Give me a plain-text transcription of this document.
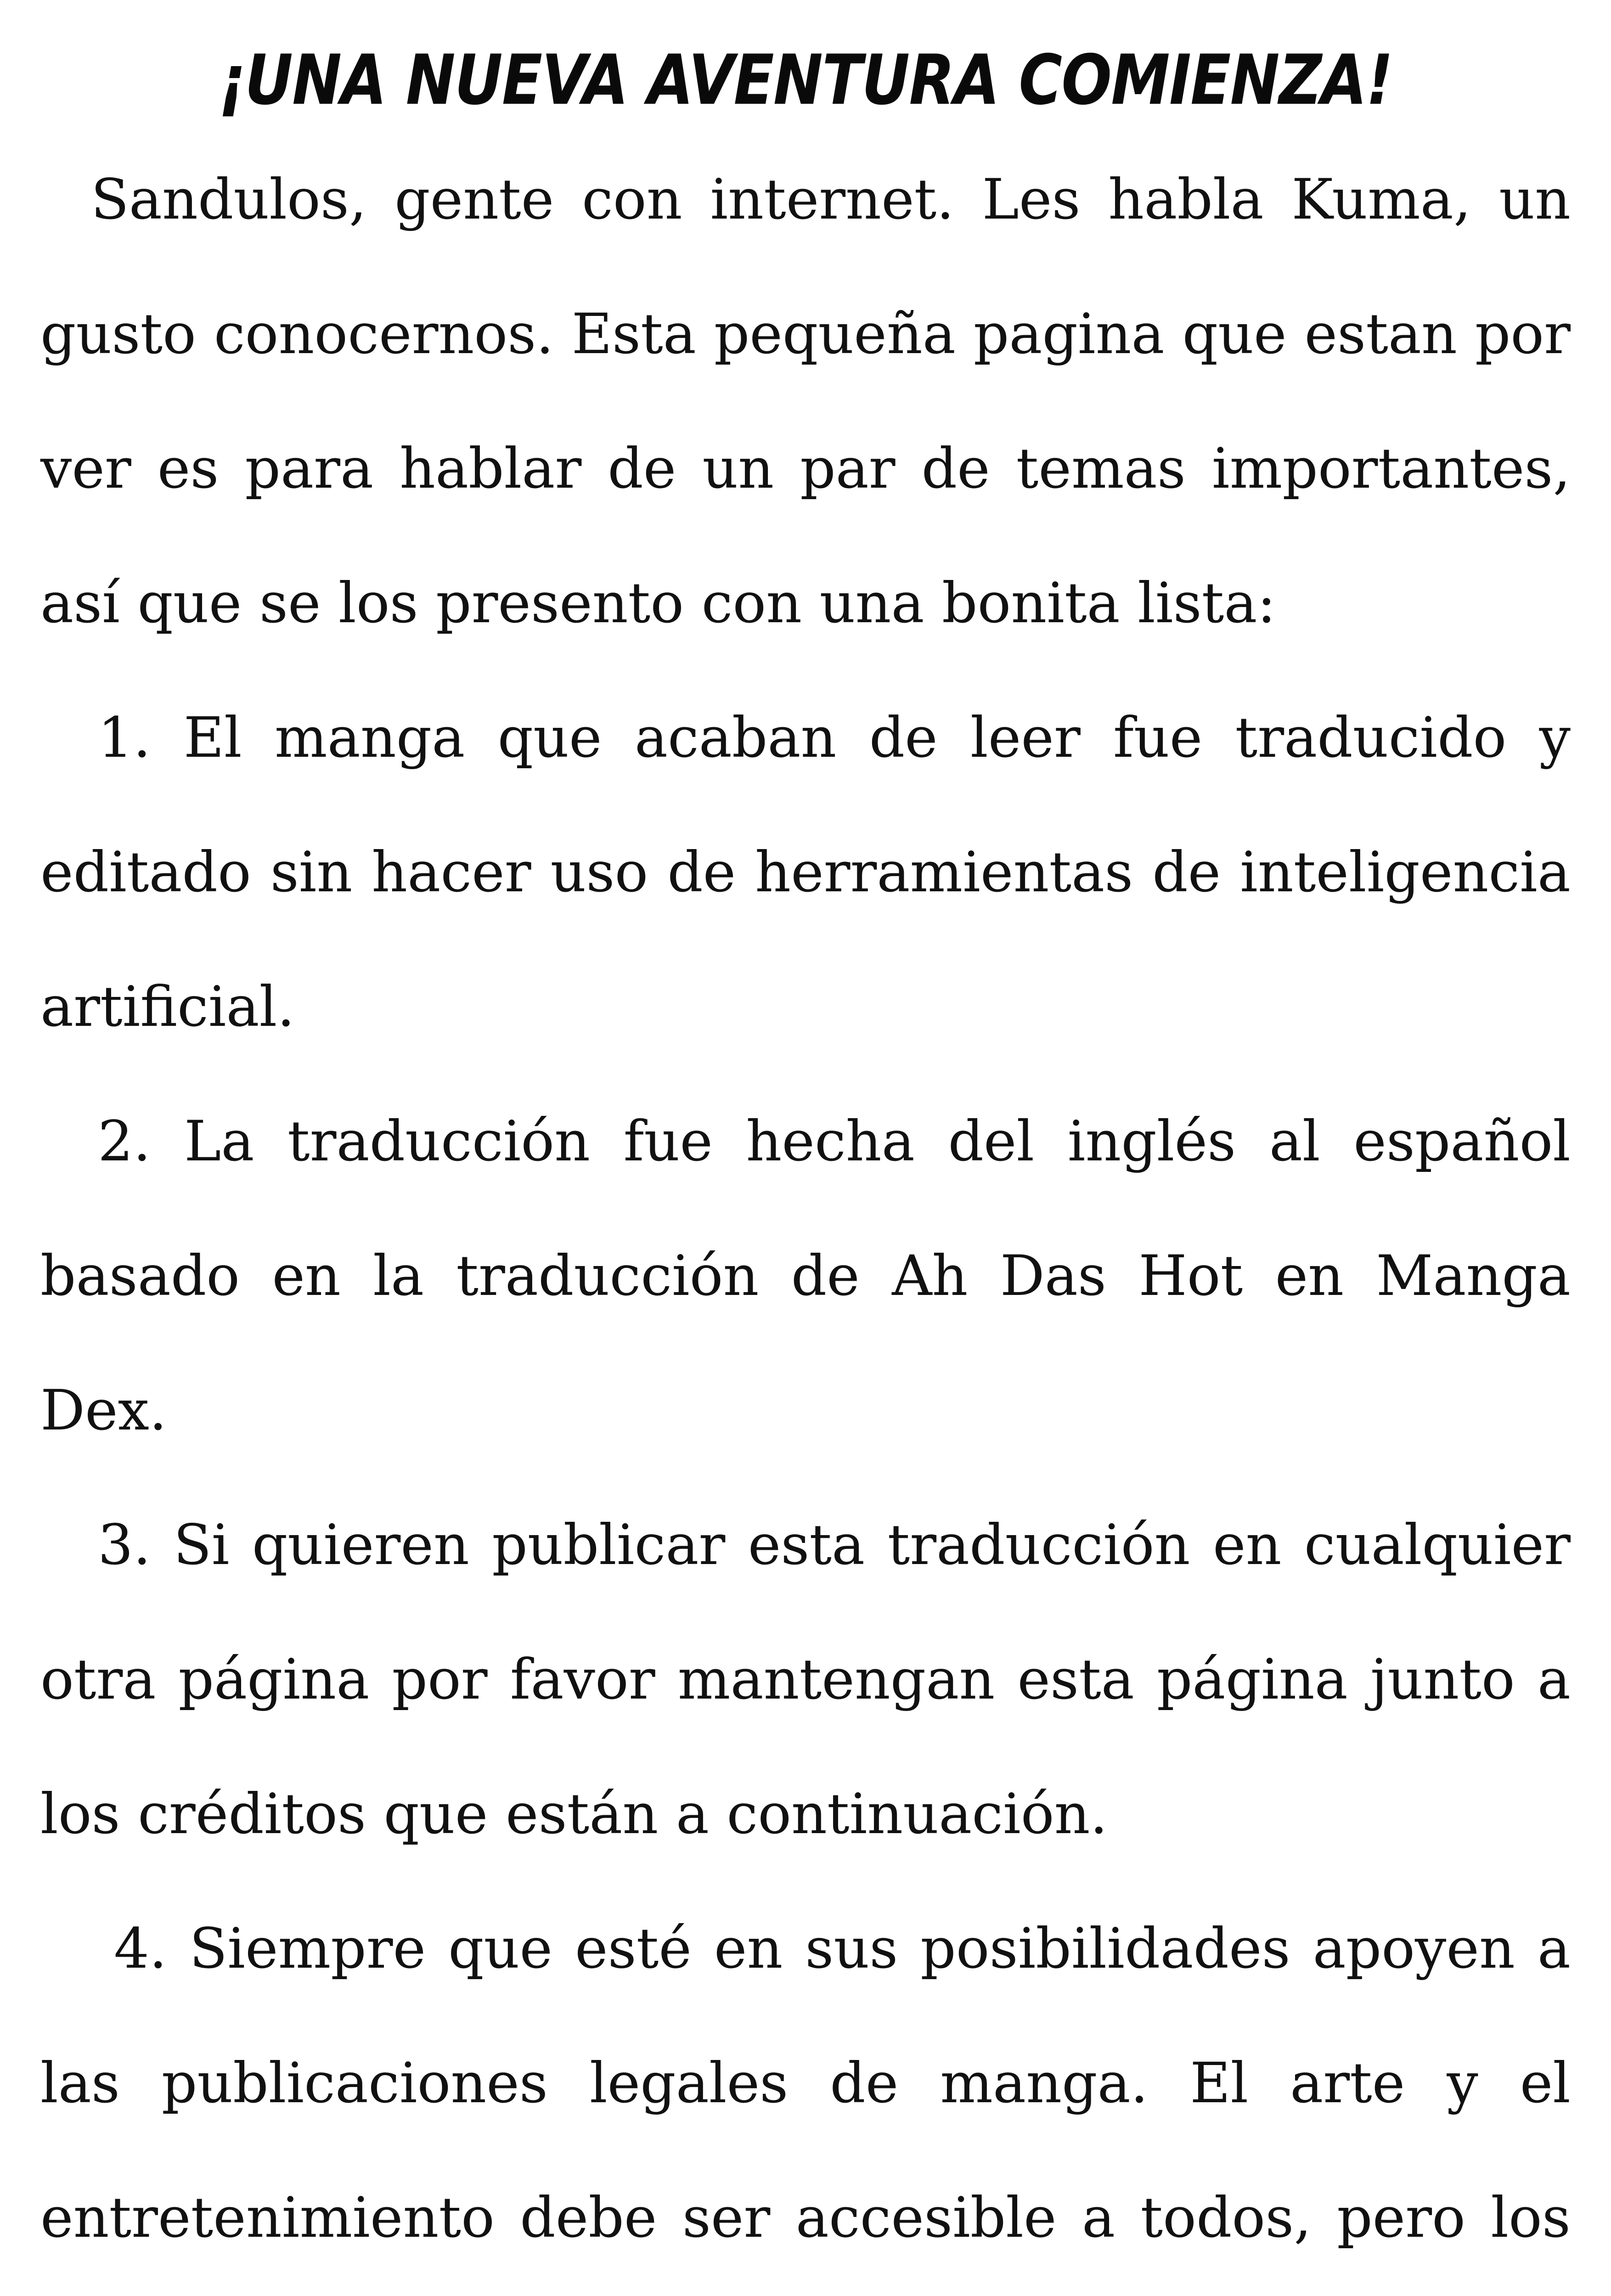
¡UNA NUEVA AVENTURA COMIENZA!

Sandulos, gente con internet. Les habla Kuma, un gusto conocernos. Esta pequeña pagina que estan por ver es para hablar de un par de temas importantes, así que se los presento con una bonita lista:

1. El manga que acaban de leer fue traducido y editado sin hacer uso de herramientas de inteligencia artificial.

2. La traducción fue hecha del inglés al español basado en la traducción de Ah Das Hot en Manga Dex.

3. Si quieren publicar esta traducción en cualquier otra página por favor mantengan esta página junto a los créditos que están a continuación.

4. Siempre que esté en sus posibilidades apoyen a las publicaciones legales de manga. El arte y el entretenimiento debe ser accesible a todos, pero los
